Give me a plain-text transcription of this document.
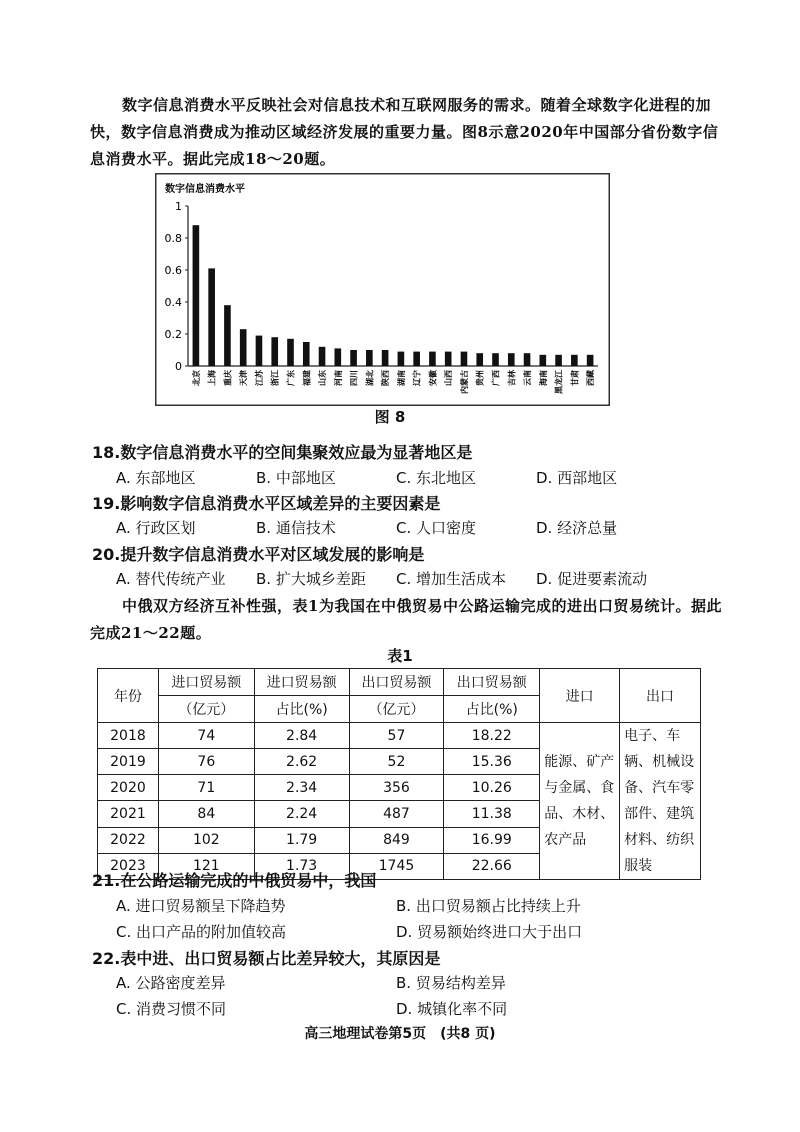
数字信息消费水平反映社会对信息技术和互联网服务的需求。随着全球数字化进程的加快，数字信息消费成为推动区域经济发展的重要力量。图8示意2020年中国部分省份数字信息消费水平。据此完成18～20题。
数字信息消费水平
0
0.2
0.4
0.6
0.8
1
北京 上海 重庆 天津 江苏 浙江 广东 福建 山东 河南 四川 湖北 陕西 湖南 辽宁 安徽 山西 内蒙古 贵州 广西 吉林 云南 海南 黑龙江 甘肃 西藏
图 8
18.数字信息消费水平的空间集聚效应最为显著地区是
A. 东部地区	B. 中部地区	C. 东北地区	D. 西部地区
19.影响数字信息消费水平区域差异的主要因素是
A. 行政区划	B. 通信技术	C. 人口密度	D. 经济总量
20.提升数字信息消费水平对区域发展的影响是
A. 替代传统产业 B. 扩大城乡差距 C. 增加生活成本 D. 促进要素流动
中俄双方经济互补性强，表1为我国在中俄贸易中公路运输完成的进出口贸易统计。据此完成21～22题。
表1
年份	进口贸易额	进口贸易额	出口贸易额	出口贸易额	进口	出口
	（亿元）	占比(%)	（亿元）	占比(%)		
2018	74	2.84	57	18.22	能源、矿产与金属、食品、木材、农产品	电子、车辆、机械设备、汽车零部件、建筑材料、纺织服装
2019	76	2.62	52	15.36		
2020	71	2.34	356	10.26		
2021	84	2.24	487	11.38		
2022	102	1.79	849	16.99		
2023	121	1.73	1745	22.66		
21.在公路运输完成的中俄贸易中，我国
A. 进口贸易额呈下降趋势	B. 出口贸易额占比持续上升
C. 出口产品的附加值较高	D. 贸易额始终进口大于出口
22.表中进、出口贸易额占比差异较大，其原因是
A. 公路密度差异	B. 贸易结构差异
C. 消费习惯不同	D. 城镇化率不同
高三地理试卷第5页　(共8 页)
